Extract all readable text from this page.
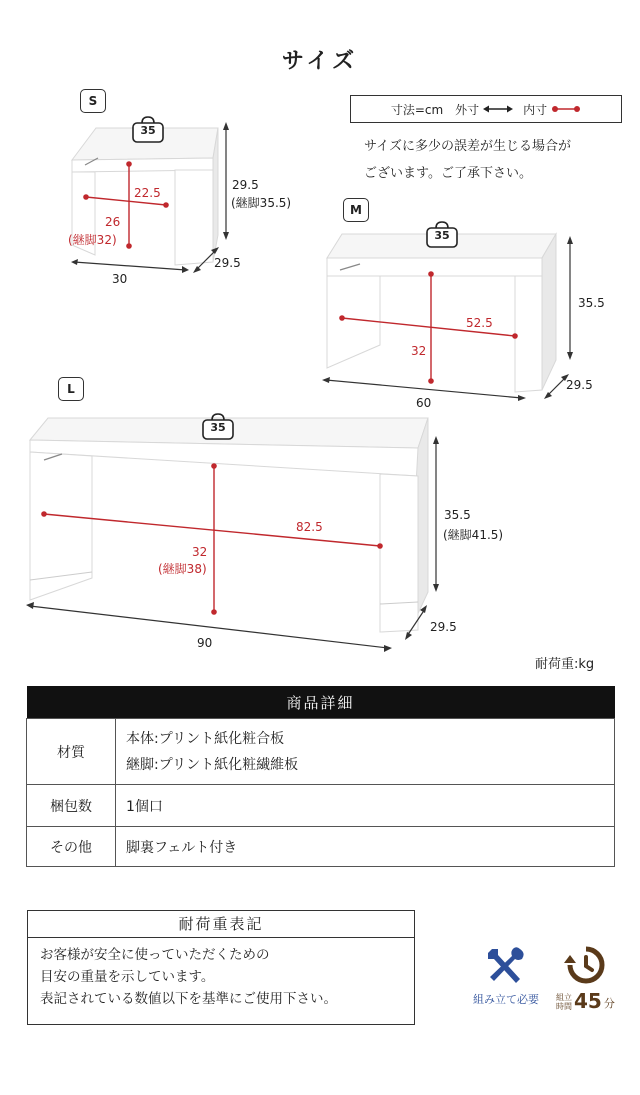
サイズ
寸法=cm 外寸	内寸
サイズに多少の誤差が生じる場合が
ございます。ご了承下さい。
S
35
30
29.5
29.5
(継脚35.5)
22.5
26
(継脚32)
M
35
60
29.5
35.5
52.5
32
L
35
90
29.5
35.5
(継脚41.5)
82.5
32
(継脚38)
耐荷重:kg
商品詳細	
材質	本体:プリント紙化粧合板
継脚:プリント紙化粧繊維板

梱包数	1個口
その他	脚裏フェルト付き
耐荷重表記
お客様が安全に使っていただくための
目安の重量を示しています。
表記されている数値以下を基準にご使用下さい。	組み立て必要	組立
時間 45 分
